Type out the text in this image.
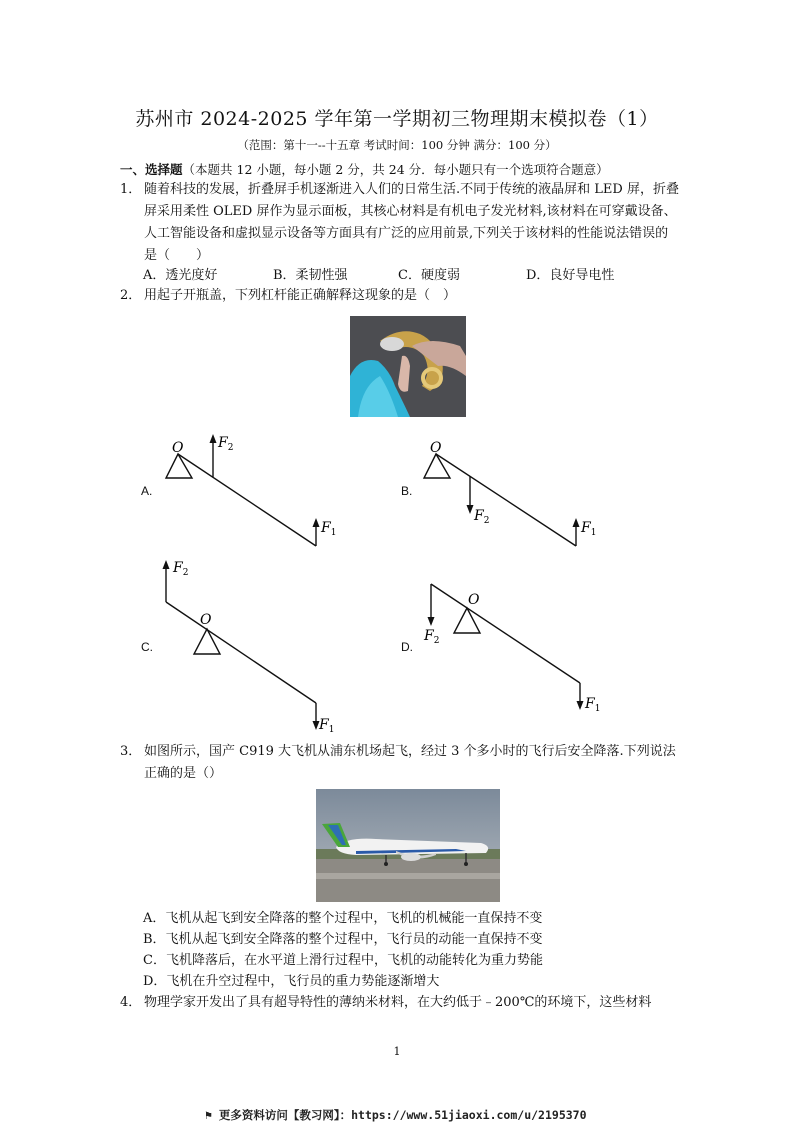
苏州市 2024-2025 学年第一学期初三物理期末模拟卷（1）
（范围：第十一--十五章 考试时间：100 分钟 满分：100 分）
一、选择题（本题共 12 小题，每小题 2 分，共 24 分．每小题只有一个选项符合题意）
1． 随着科技的发展，折叠屏手机逐渐进入人们的日常生活.不同于传统的液晶屏和 LED 屏，折叠屏采用柔性 OLED 屏作为显示面板，其核心材料是有机电子发光材料,该材料在可穿戴设备、人工智能设备和虚拟显示设备等方面具有广泛的应用前景,下列关于该材料的性能说法错误的是（　　）
A．透光度好	B．柔韧性强	C．硬度弱	D．良好导电性
2． 用起子开瓶盖，下列杠杆能正确解释这现象的是（　）
O $F_2$
$F_1$
A.
O
$F_2$	$F_1$
B.
O
$F_2$
$F_1$
C.
O
$F_2$
$F_1$
D.
3． 如图所示，国产 C919 大飞机从浦东机场起飞，经过 3 个多小时的飞行后安全降落.下列说法正确的是（）
A．飞机从起飞到安全降落的整个过程中，飞机的机械能一直保持不变
B．飞机从起飞到安全降落的整个过程中，飞行员的动能一直保持不变
C．飞机降落后，在水平道上滑行过程中，飞机的动能转化为重力势能
D．飞机在升空过程中，飞行员的重力势能逐渐增大
4． 物理学家开发出了具有超导特性的薄纳米材料，在大约低于﹣200℃的环境下，这些材料
1
⚑ 更多资料访问【教习网】：https://www.51jiaoxi.com/u/2195370
